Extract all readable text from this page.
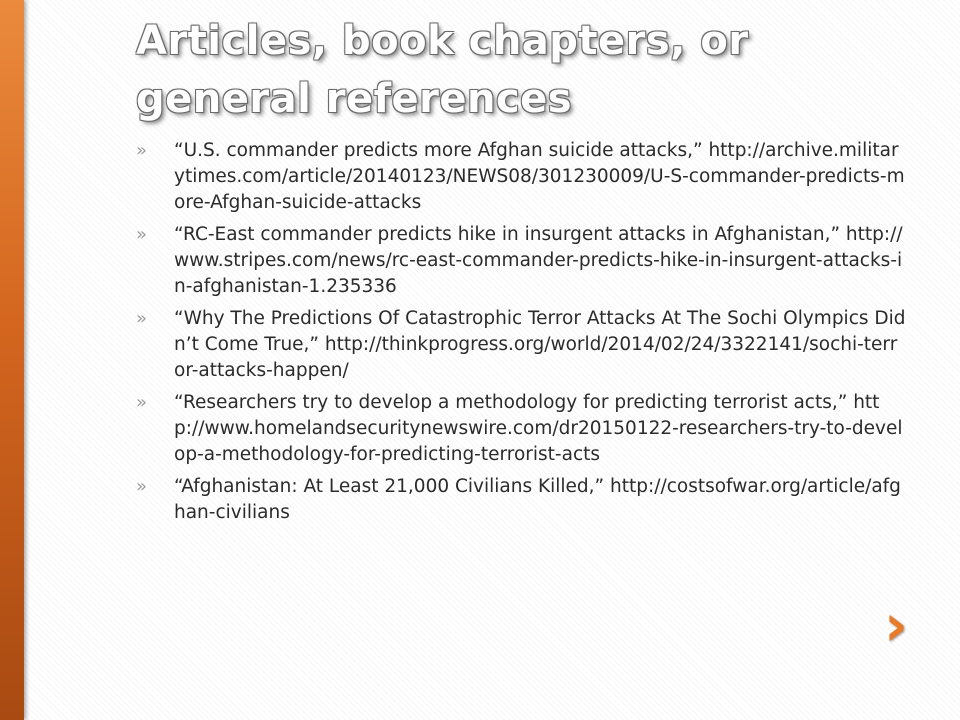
Articles, book chapters, or general references
»	“U.S. commander predicts more Afghan suicide attacks,” http://archive.militarytimes.com/article/20140123/NEWS08/301230009/U-S-commander-predicts-more-Afghan-suicide-attacks
»	“RC-East commander predicts hike in insurgent attacks in Afghanistan,” http://www.stripes.com/news/rc-east-commander-predicts-hike-in-insurgent-attacks-in-afghanistan-1.235336
»	“Why The Predictions Of Catastrophic Terror Attacks At The Sochi Olympics Didn’t Come True,” http://thinkprogress.org/world/2014/02/24/3322141/sochi-terror-attacks-happen/
»	“Researchers try to develop a methodology for predicting terrorist acts,” http://www.homelandsecuritynewswire.com/dr20150122-researchers-try-to-develop-a-methodology-for-predicting-terrorist-acts
»	“Afghanistan: At Least 21,000 Civilians Killed,” http://costsofwar.org/article/afghan-civilians
›
